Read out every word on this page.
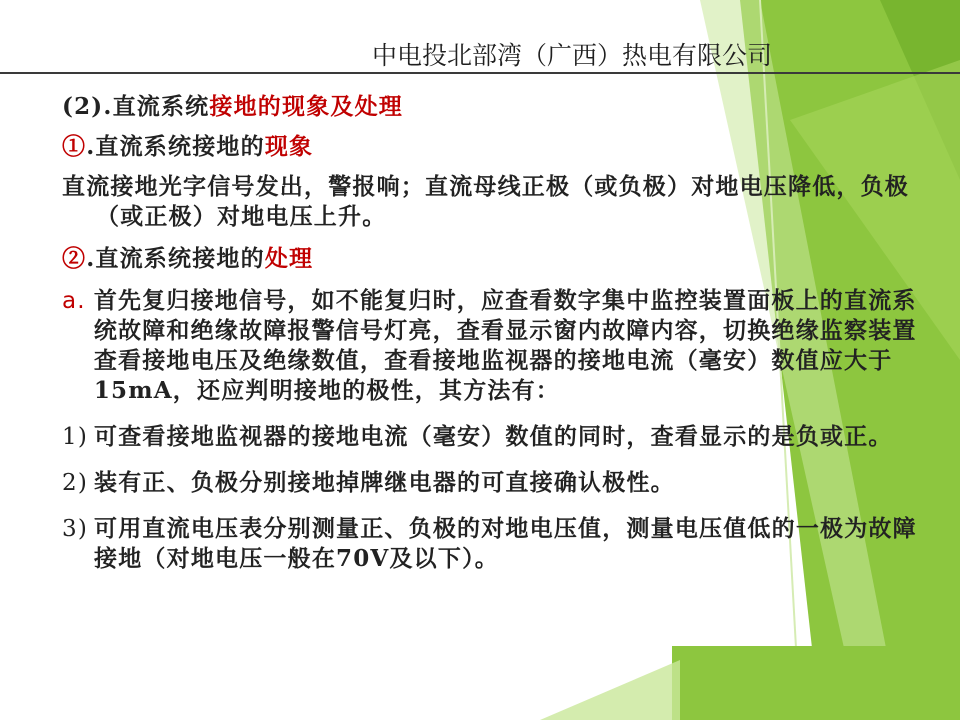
中电投北部湾（广西）热电有限公司
(2).直流系统接地的现象及处理
①.直流系统接地的现象
直流接地光字信号发出，警报响；直流母线正极（或负极）对地电压降低，负极（或正极）对地电压上升。
②.直流系统接地的处理
a. 首先复归接地信号，如不能复归时，应查看数字集中监控装置面板上的直流系统故障和绝缘故障报警信号灯亮，查看显示窗内故障内容，切换绝缘监察装置查看接地电压及绝缘数值，查看接地监视器的接地电流（毫安）数值应大于15mA，还应判明接地的极性，其方法有：
1) 可查看接地监视器的接地电流（毫安）数值的同时，查看显示的是负或正。
2) 装有正、负极分别接地掉牌继电器的可直接确认极性。
3) 可用直流电压表分别测量正、负极的对地电压值，测量电压值低的一极为故障接地（对地电压一般在70V及以下）。
